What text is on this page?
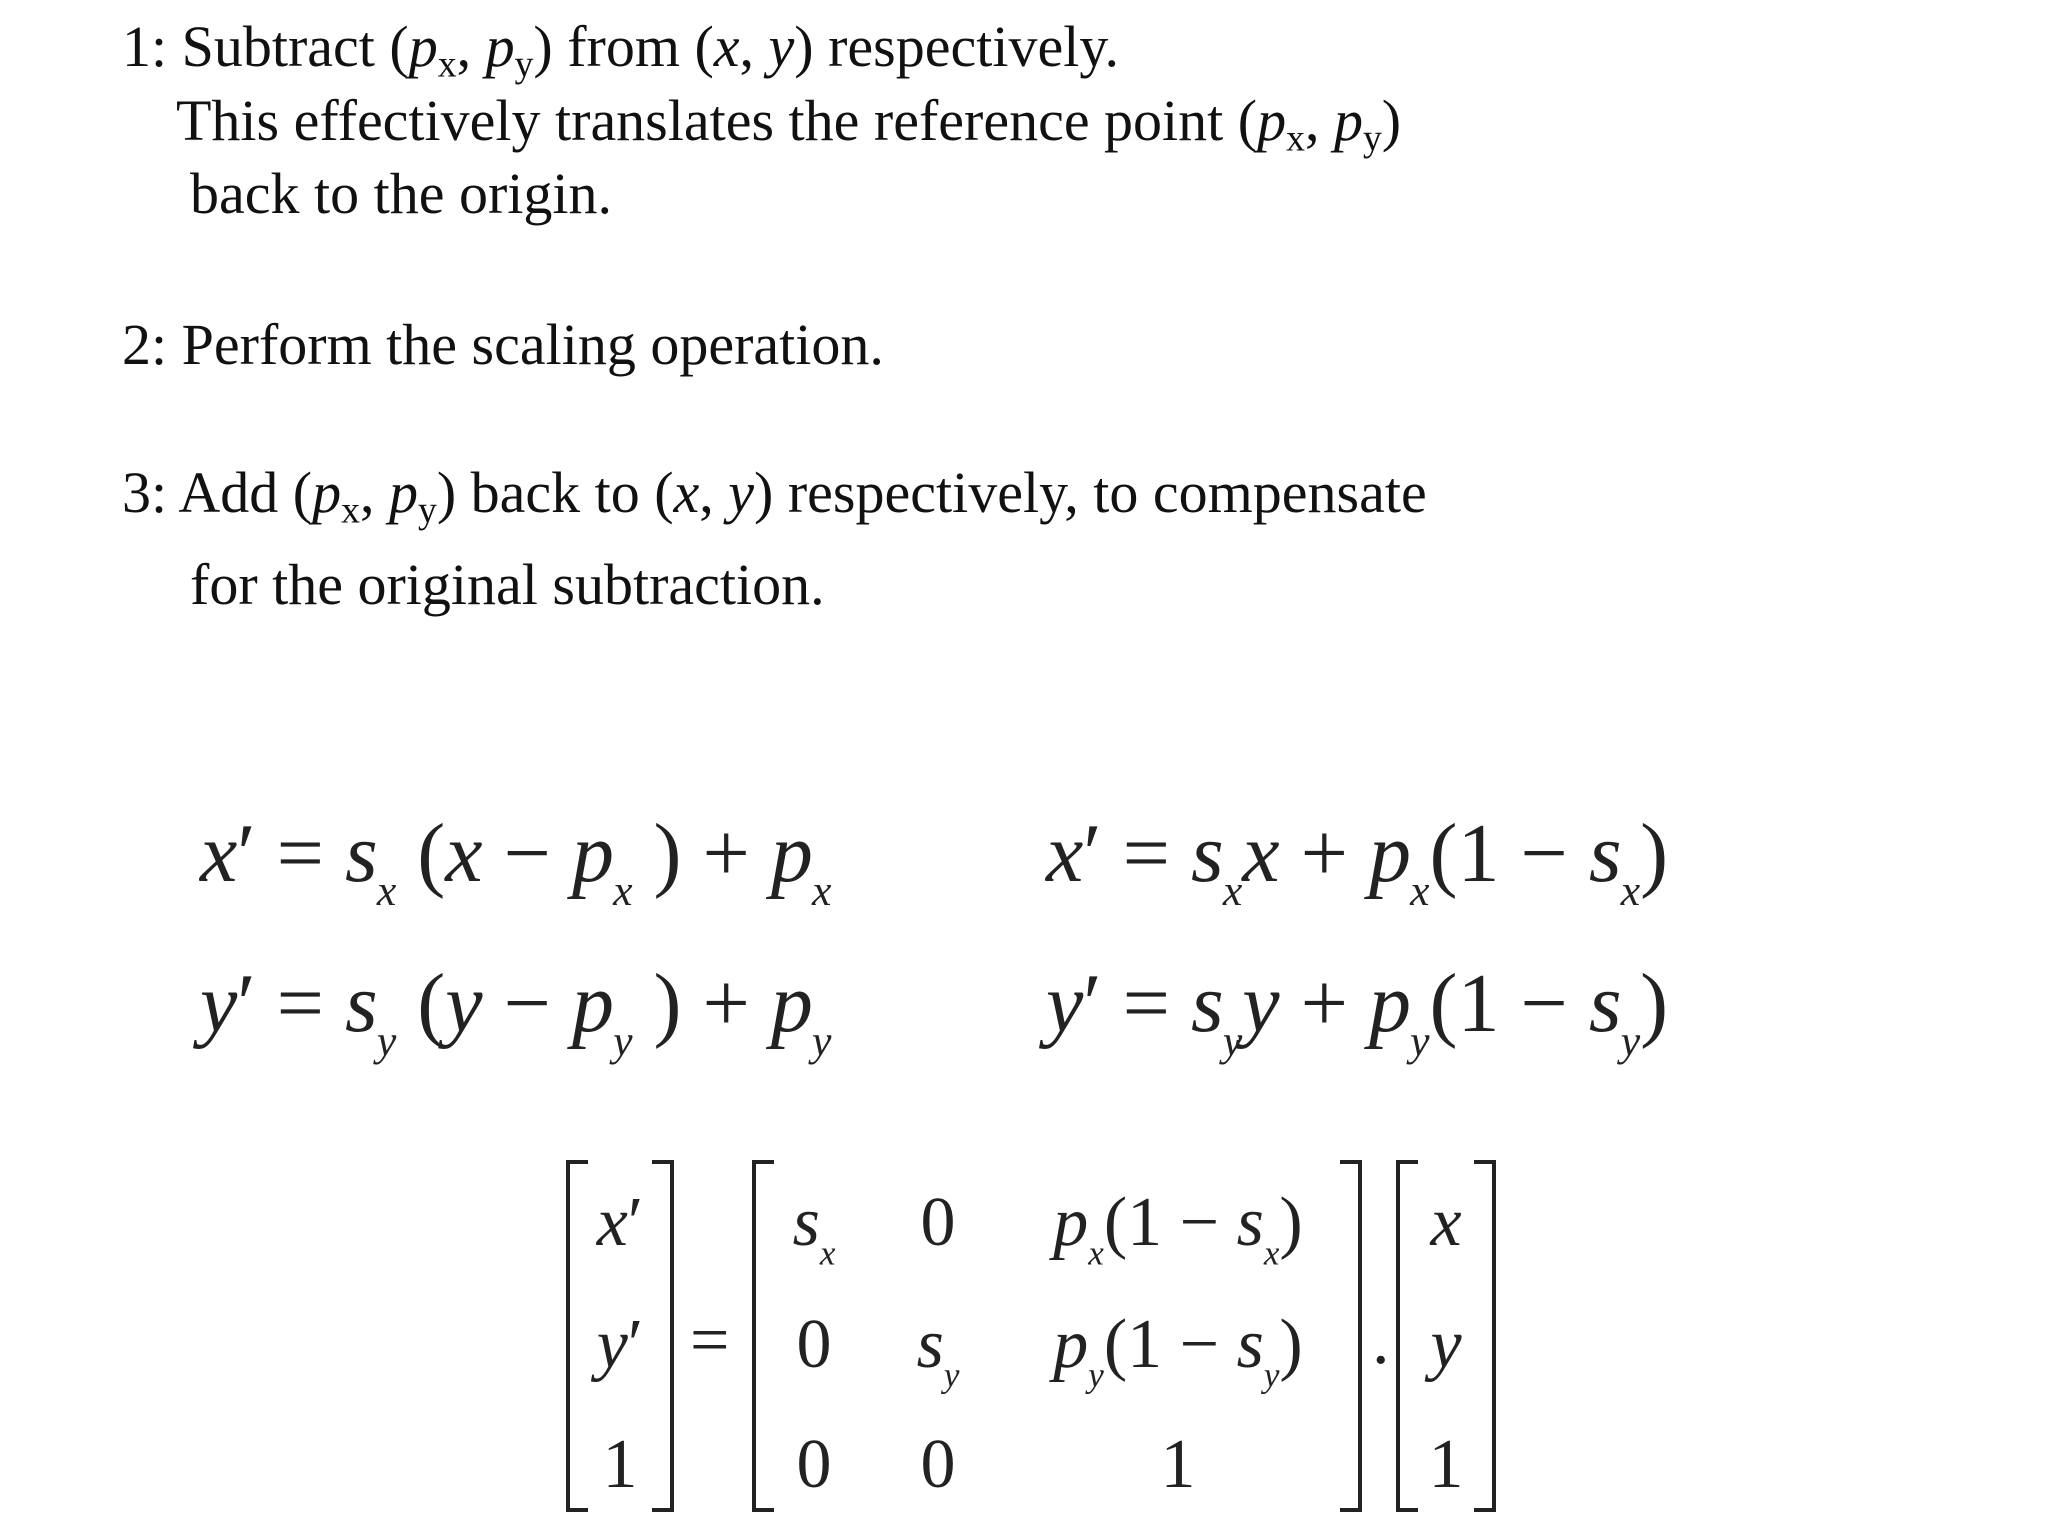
1: Subtract ($p_x$, $p_y$) from (x, y) respectively.
This effectively translates the reference point ($p_x$, $p_y$)
back to the origin.
2: Perform the scaling operation.
3: Add ($p_x$, $p_y$) back to (x, y) respectively, to compensate
for the original subtraction.
$x' = s_x$ ($x - p_x$ ) + $p_x$
$y' = s_y$ ($y - p_y$ ) + $p_y$
$x' = s_xx + p_x(1 - s_x)$
$y' = s_yy + p_y(1 - s_y)$
x′
y′
1
=
$s_x$ 0 $p_x(1 - s_x)$
0 $s_y$ $p_y(1 - s_y)$
0 0	1
.
x
y
1
